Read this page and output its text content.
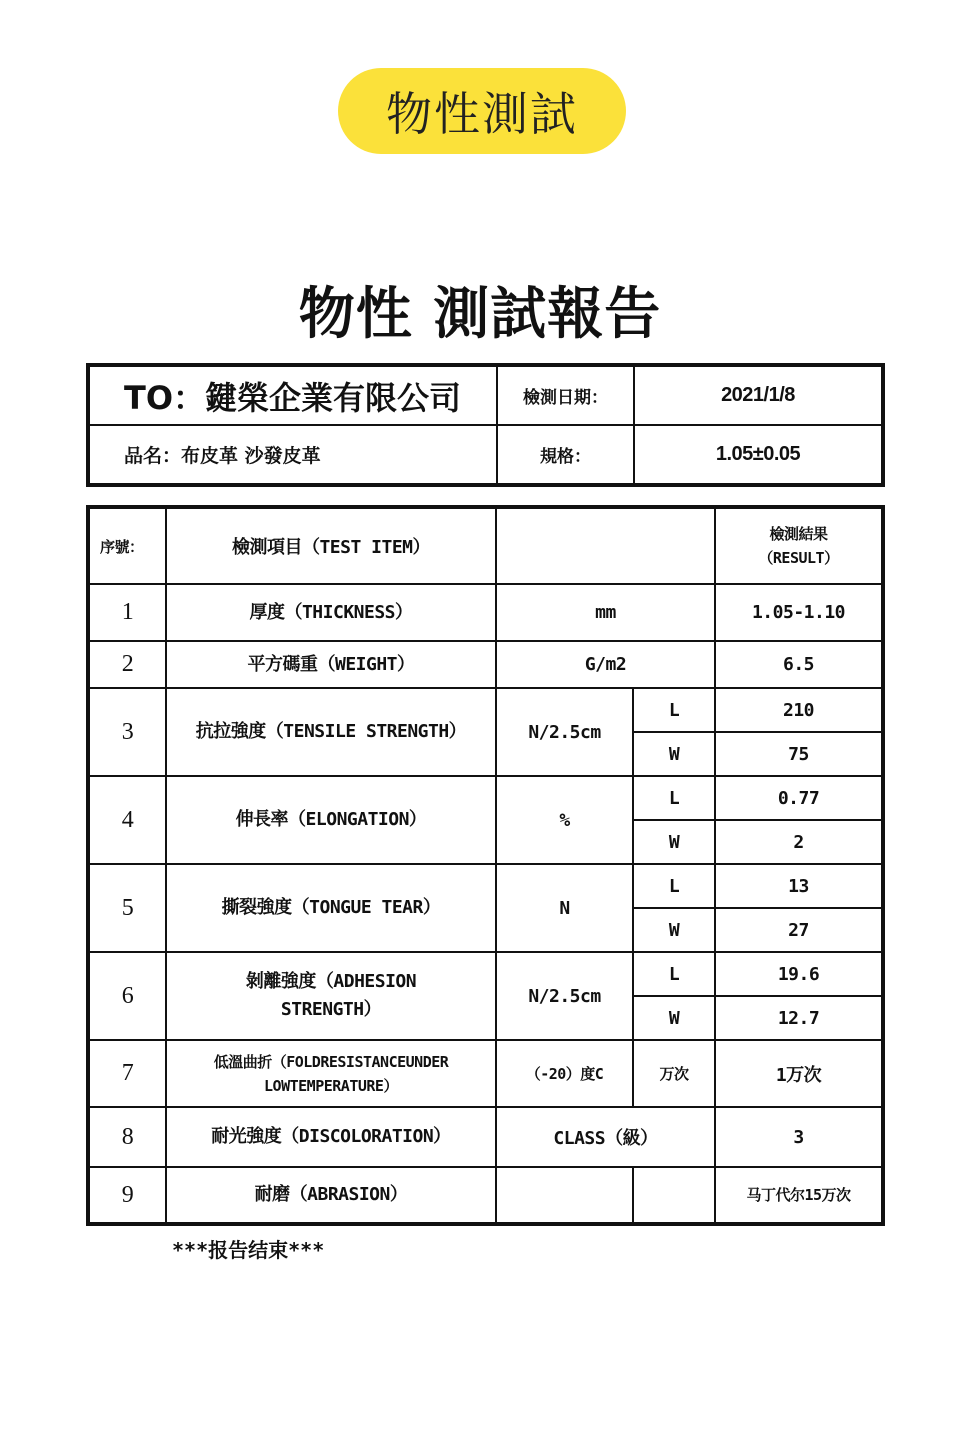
物性測試
物性 測試報告
TO：鍵榮企業有限公司	檢測日期：	2021/1/8
品名：布皮革 沙發皮革	規格：	1.05±0.05
序號：	檢測項目（TEST ITEM）			檢測結果
（RESULT）
1	厚度（THICKNESS）	mm		1.05-1.10
2	平方碼重（WEIGHT）	G/m2		6.5
3	抗拉強度（TENSILE STRENGTH）	N/2.5cm	L	210
			W	75
4	伸長率（ELONGATION）	%	L	0.77
			W	2
5	撕裂強度（TONGUE TEAR）	N	L	13
			W	27
6	剝離強度（ADHESION
STRENGTH）	N/2.5cm	L	19.6
			W	12.7
7	低溫曲折（FOLDRESISTANCEUNDER
LOWTEMPERATURE）	（-20）度C	万次	1万次
8	耐光強度（DISCOLORATION）	CLASS（級）		3
9	耐磨（ABRASION）			马丁代尔15万次
***报告结束***
